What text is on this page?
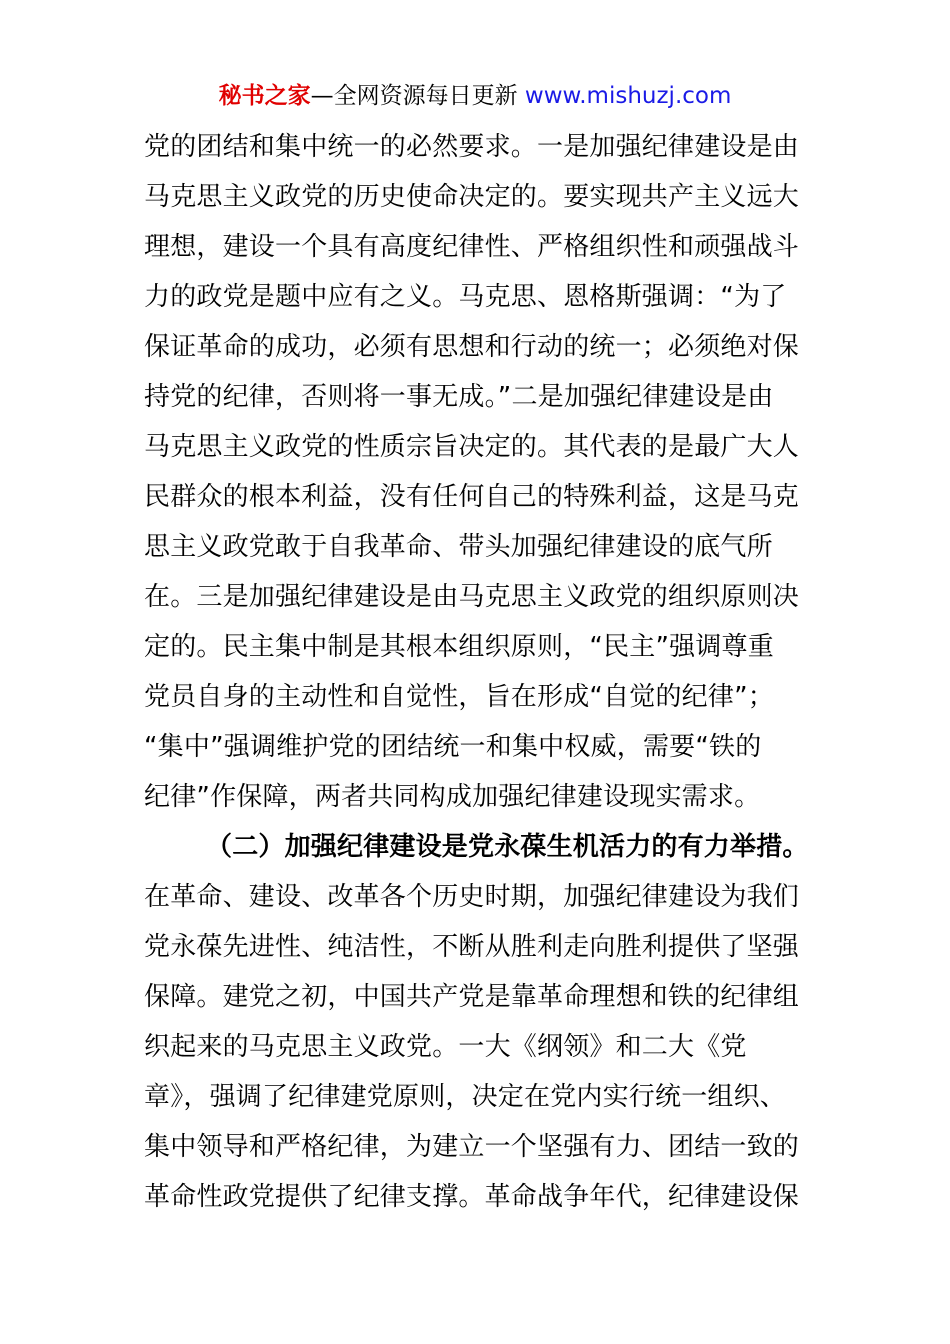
秘书之家—全网资源每日更新 www.mishuzj.com
党的团结和集中统一的必然要求。一是加强纪律建设是由
马克思主义政党的历史使命决定的。要实现共产主义远大
理想，建设一个具有高度纪律性、严格组织性和顽强战斗
力的政党是题中应有之义。马克思、恩格斯强调：“为了
保证革命的成功，必须有思想和行动的统一；必须绝对保
持党的纪律，否则将一事无成。”二是加强纪律建设是由
马克思主义政党的性质宗旨决定的。其代表的是最广大人
民群众的根本利益，没有任何自己的特殊利益，这是马克
思主义政党敢于自我革命、带头加强纪律建设的底气所
在。三是加强纪律建设是由马克思主义政党的组织原则决
定的。民主集中制是其根本组织原则，“民主”强调尊重
党员自身的主动性和自觉性，旨在形成“自觉的纪律”；
“集中”强调维护党的团结统一和集中权威，需要“铁的
纪律”作保障，两者共同构成加强纪律建设现实需求。
（二）加强纪律建设是党永葆生机活力的有力举措。
在革命、建设、改革各个历史时期，加强纪律建设为我们
党永葆先进性、纯洁性，不断从胜利走向胜利提供了坚强
保障。建党之初，中国共产党是靠革命理想和铁的纪律组
织起来的马克思主义政党。一大《纲领》和二大《党
章》，强调了纪律建党原则，决定在党内实行统一组织、
集中领导和严格纪律，为建立一个坚强有力、团结一致的
革命性政党提供了纪律支撑。革命战争年代，纪律建设保
